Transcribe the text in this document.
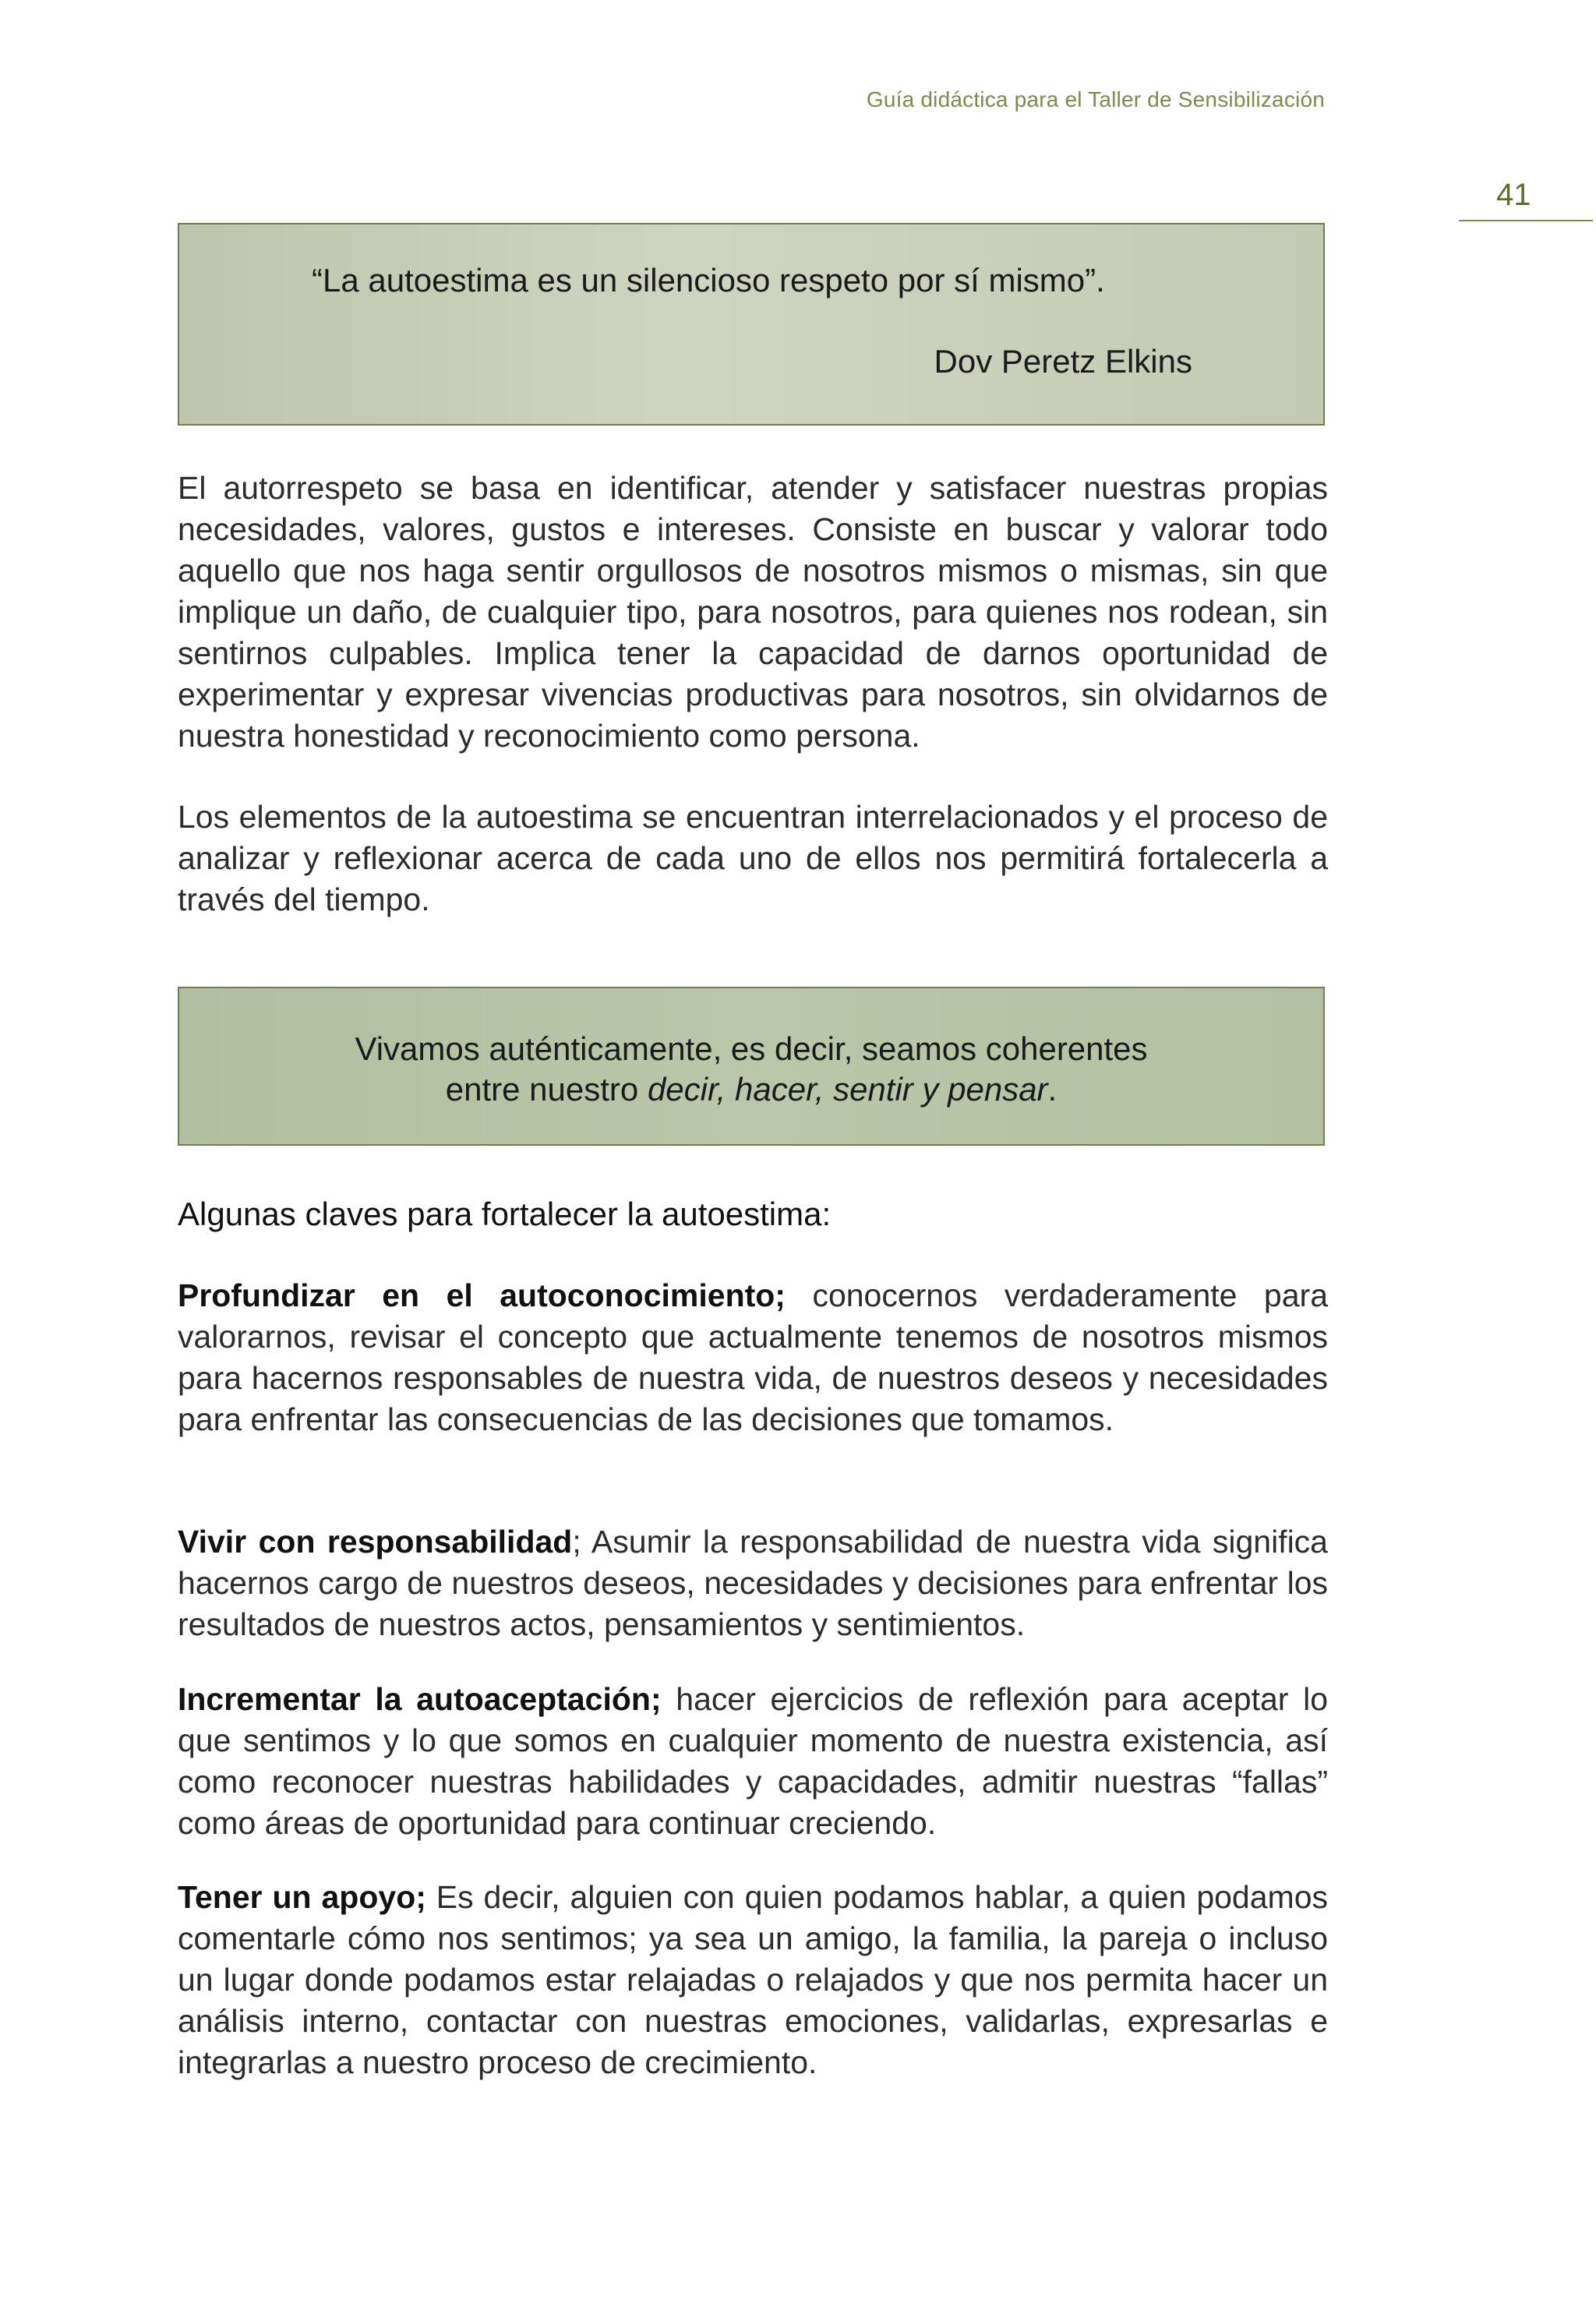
Guía didáctica para el Taller de Sensibilización
41
“La autoestima es un silencioso respeto por sí mismo”.
Dov Peretz Elkins

El autorrespeto se basa en identificar, atender y satisfacer nuestras propias necesidades, valores, gustos e intereses. Consiste en buscar y valorar todo aquello que nos haga sentir orgullosos de nosotros mismos o mismas, sin que implique un daño, de cualquier tipo, para nosotros, para quienes nos rodean, sin sentirnos culpables. Implica tener la capacidad de darnos oportunidad de experimentar y expresar vivencias productivas para nosotros, sin olvidarnos de nuestra honestidad y reconocimiento como persona.

Los elementos de la autoestima se encuentran interrelacionados y el proceso de analizar y reflexionar acerca de cada uno de ellos nos permitirá fortalecerla a través del tiempo.

Vivamos auténticamente, es decir, seamos coherentes
entre nuestro decir, hacer, sentir y pensar.
Algunas claves para fortalecer la autoestima:

Profundizar en el autoconocimiento; conocernos verdaderamente para valorarnos, revisar el concepto que actualmente tenemos de nosotros mismos para hacernos responsables de nuestra vida, de nuestros deseos y necesidades para enfrentar las consecuencias de las decisiones que tomamos.

Vivir con responsabilidad; Asumir la responsabilidad de nuestra vida significa hacernos cargo de nuestros deseos, necesidades y decisiones para enfrentar los resultados de nuestros actos, pensamientos y sentimientos.

Incrementar la autoaceptación; hacer ejercicios de reflexión para aceptar lo que sentimos y lo que somos en cualquier momento de nuestra existencia, así como reconocer nuestras habilidades y capacidades, admitir nuestras “fallas” como áreas de oportunidad para continuar creciendo.

Tener un apoyo; Es decir, alguien con quien podamos hablar, a quien podamos comentarle cómo nos sentimos; ya sea un amigo, la familia, la pareja o incluso un lugar donde podamos estar relajadas o relajados y que nos permita hacer un análisis interno, contactar con nuestras emociones, validarlas, expresarlas e integrarlas a nuestro proceso de crecimiento.
